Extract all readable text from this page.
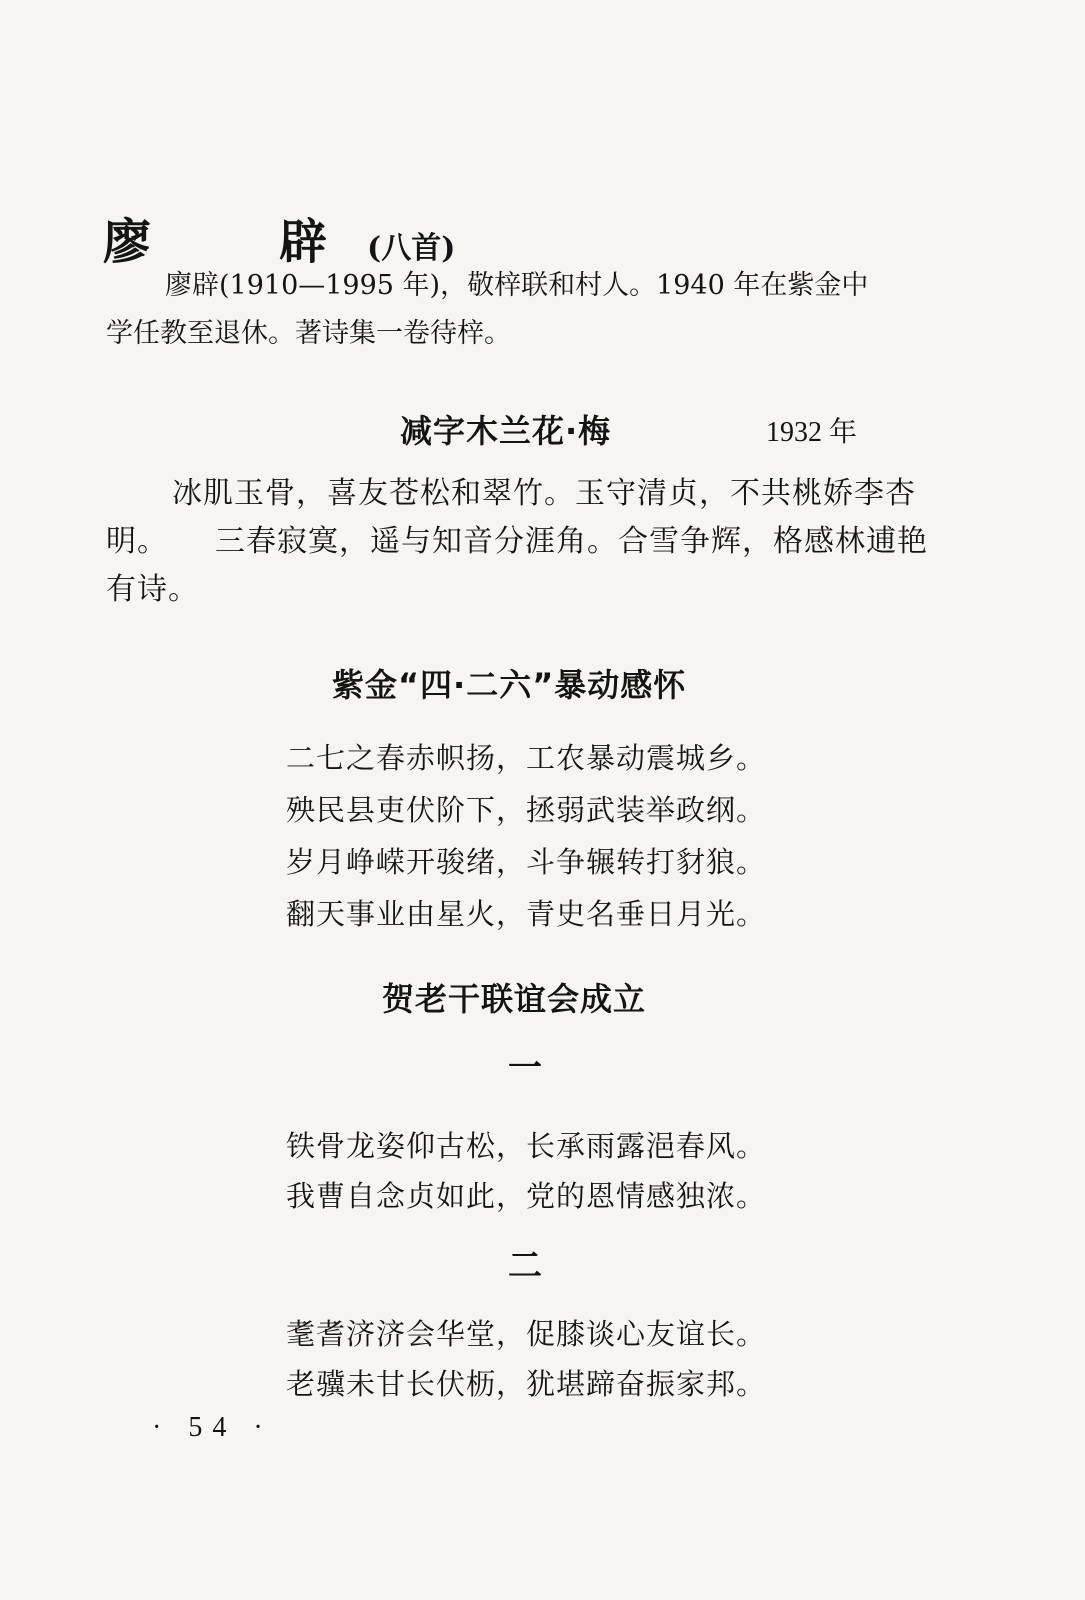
廖　辟(八首)
廖辟(1910—1995 年)，敬梓联和村人。1940 年在紫金中
学任教至退休。著诗集一卷待梓。
减字木兰花·梅	1932 年
冰肌玉骨，喜友苍松和翠竹。玉守清贞，不共桃娇李杏
明。　　三春寂寞，遥与知音分涯角。合雪争辉，格感林逋艳
有诗。
紫金“四·二六”暴动感怀
二七之春赤帜扬，工农暴动震城乡。
殃民县吏伏阶下，拯弱武装举政纲。
岁月峥嵘开骏绪，斗争辗转打豺狼。
翻天事业由星火，青史名垂日月光。
贺老干联谊会成立
一
铁骨龙姿仰古松，长承雨露浥春风。
我曹自念贞如此，党的恩情感独浓。
二
耄耆济济会华堂，促膝谈心友谊长。
老骥未甘长伏枥，犹堪蹄奋振家邦。
· 54 ·
